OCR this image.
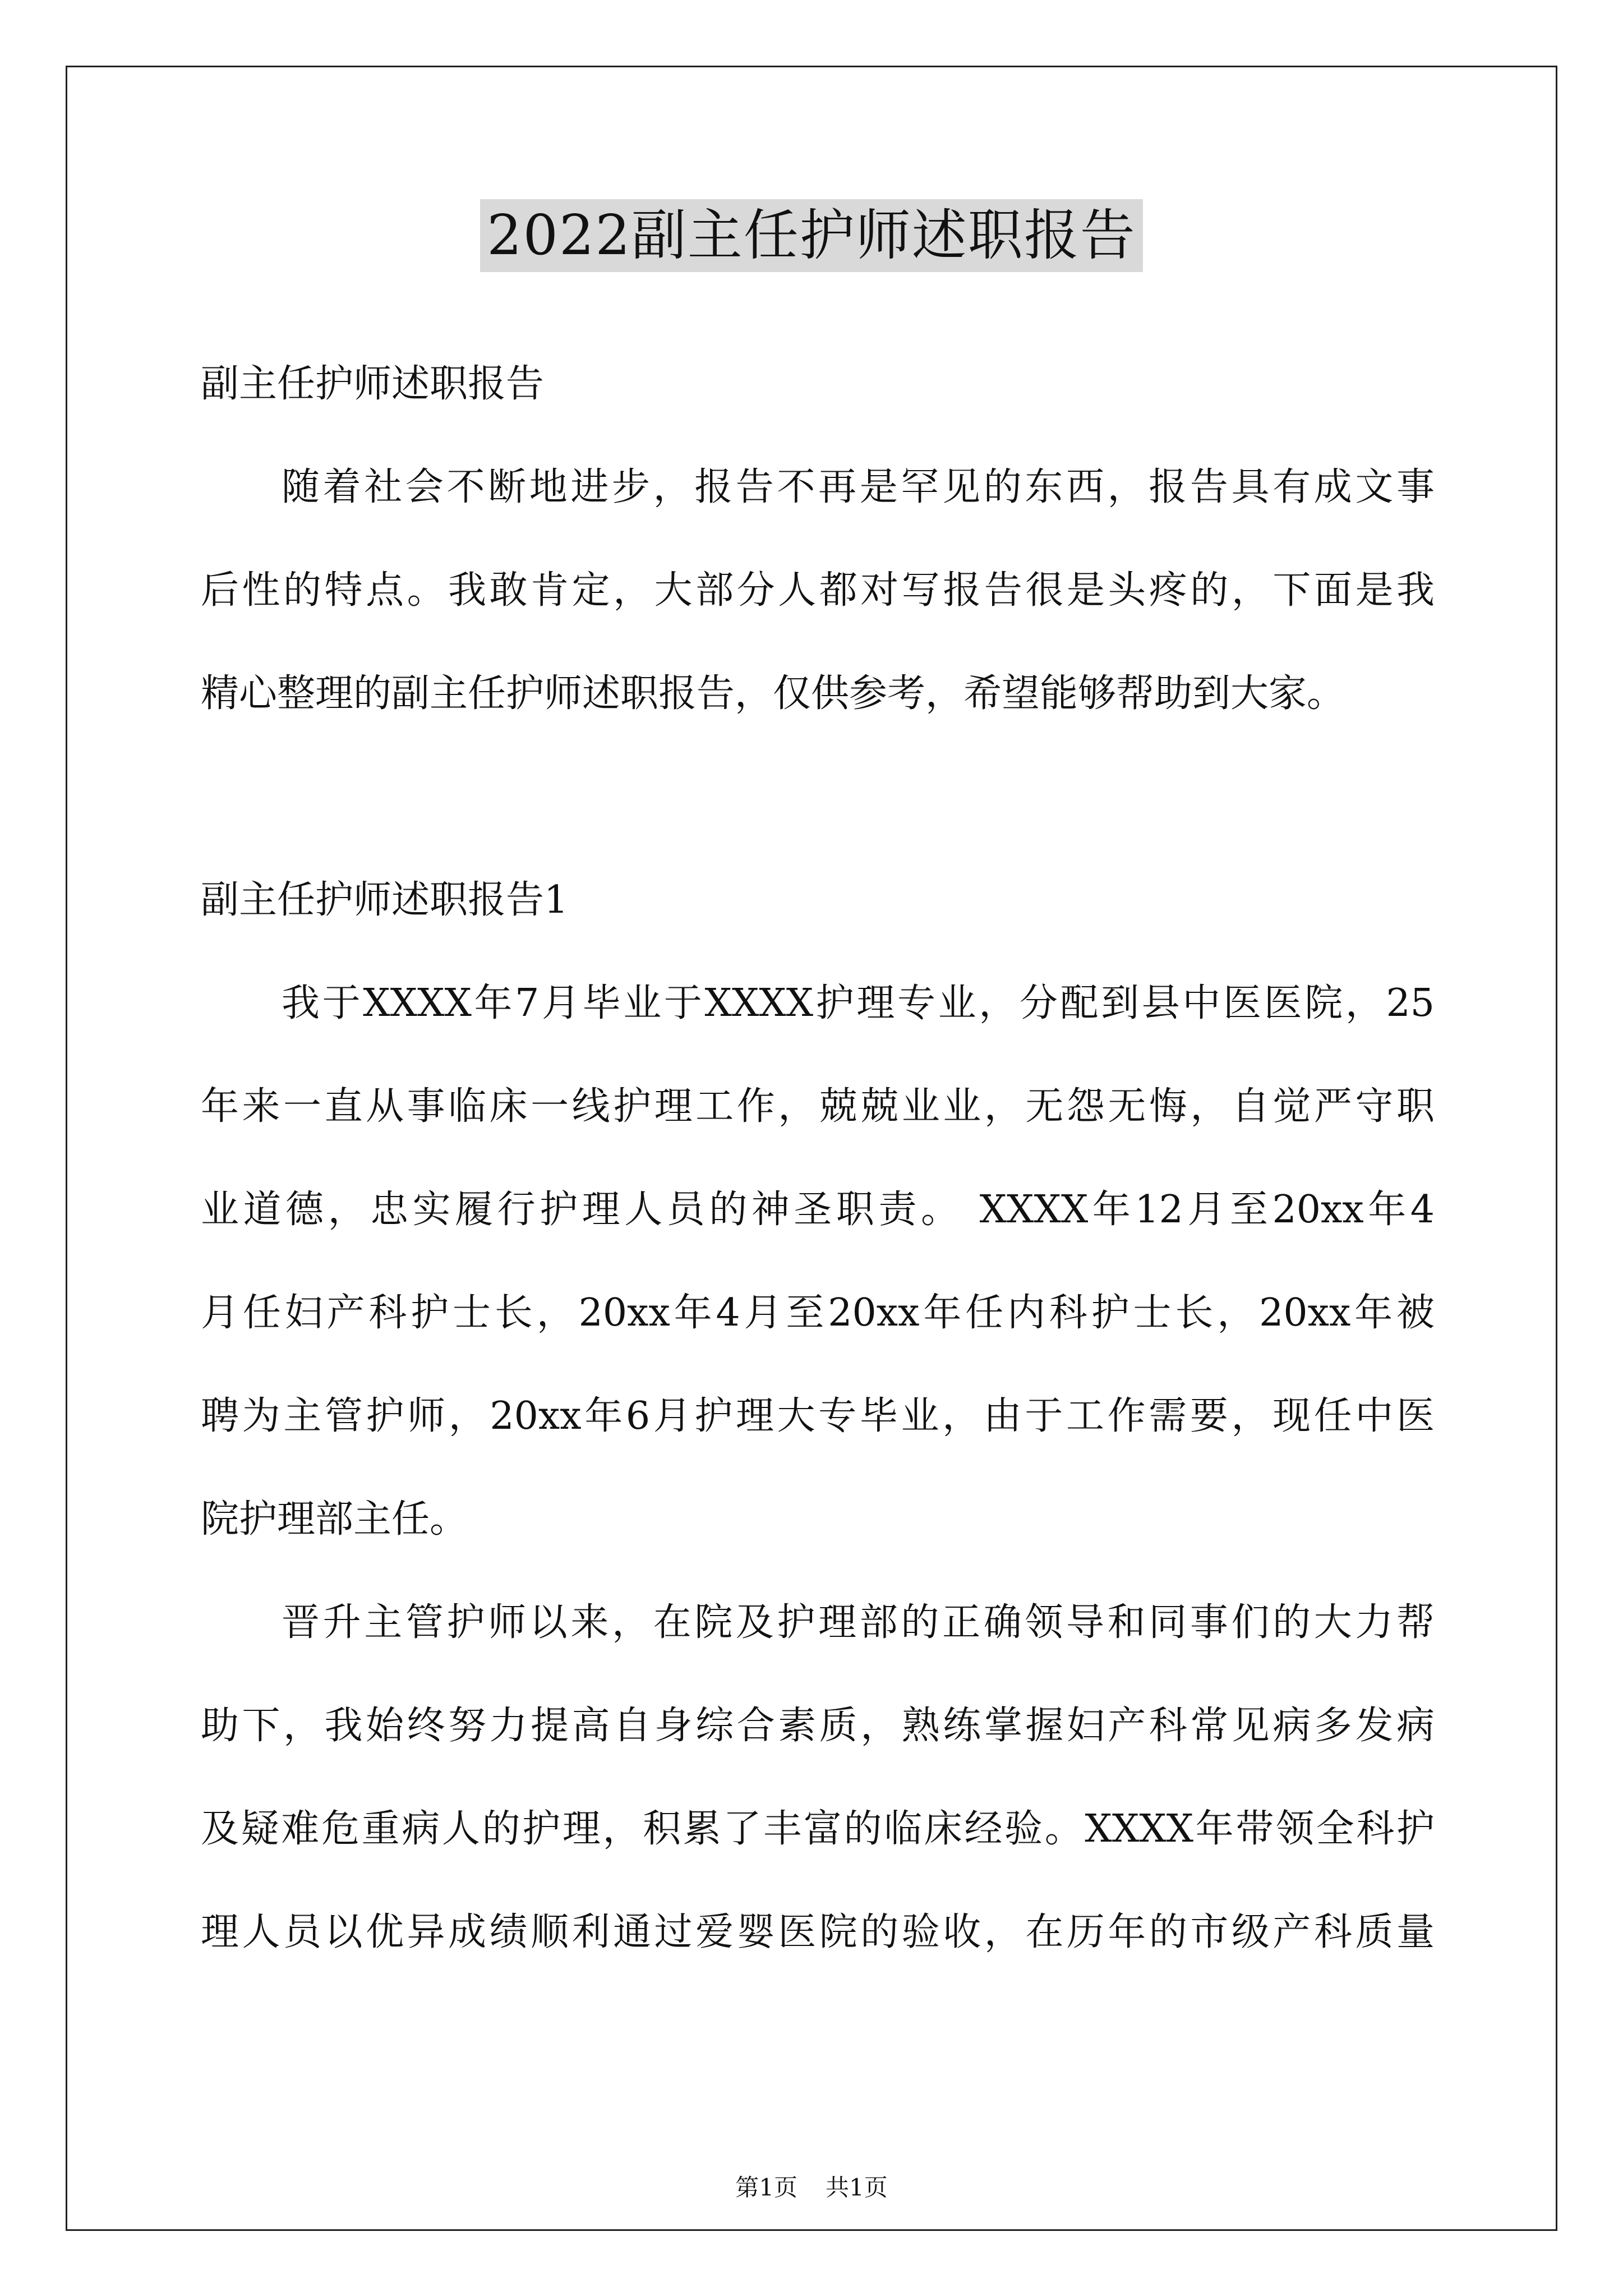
2022副主任护师述职报告
副主任护师述职报告
随着社会不断地进步，报告不再是罕见的东西，报告具有成文事
后性的特点。我敢肯定，大部分人都对写报告很是头疼的，下面是我
精心整理的副主任护师述职报告，仅供参考，希望能够帮助到大家。
副主任护师述职报告1
我于XXXX年7月毕业于XXXX护理专业，分配到县中医医院，25
年来一直从事临床一线护理工作，兢兢业业，无怨无悔，自觉严守职
业道德，忠实履行护理人员的神圣职责。 XXXX年12月至20xx年4
月任妇产科护士长，20xx年4月至20xx年任内科护士长，20xx年被
聘为主管护师，20xx年6月护理大专毕业，由于工作需要，现任中医
院护理部主任。
晋升主管护师以来，在院及护理部的正确领导和同事们的大力帮
助下，我始终努力提高自身综合素质，熟练掌握妇产科常见病多发病
及疑难危重病人的护理，积累了丰富的临床经验。XXXX年带领全科护
理人员以优异成绩顺利通过爱婴医院的验收，在历年的市级产科质量
第1页 共1页
